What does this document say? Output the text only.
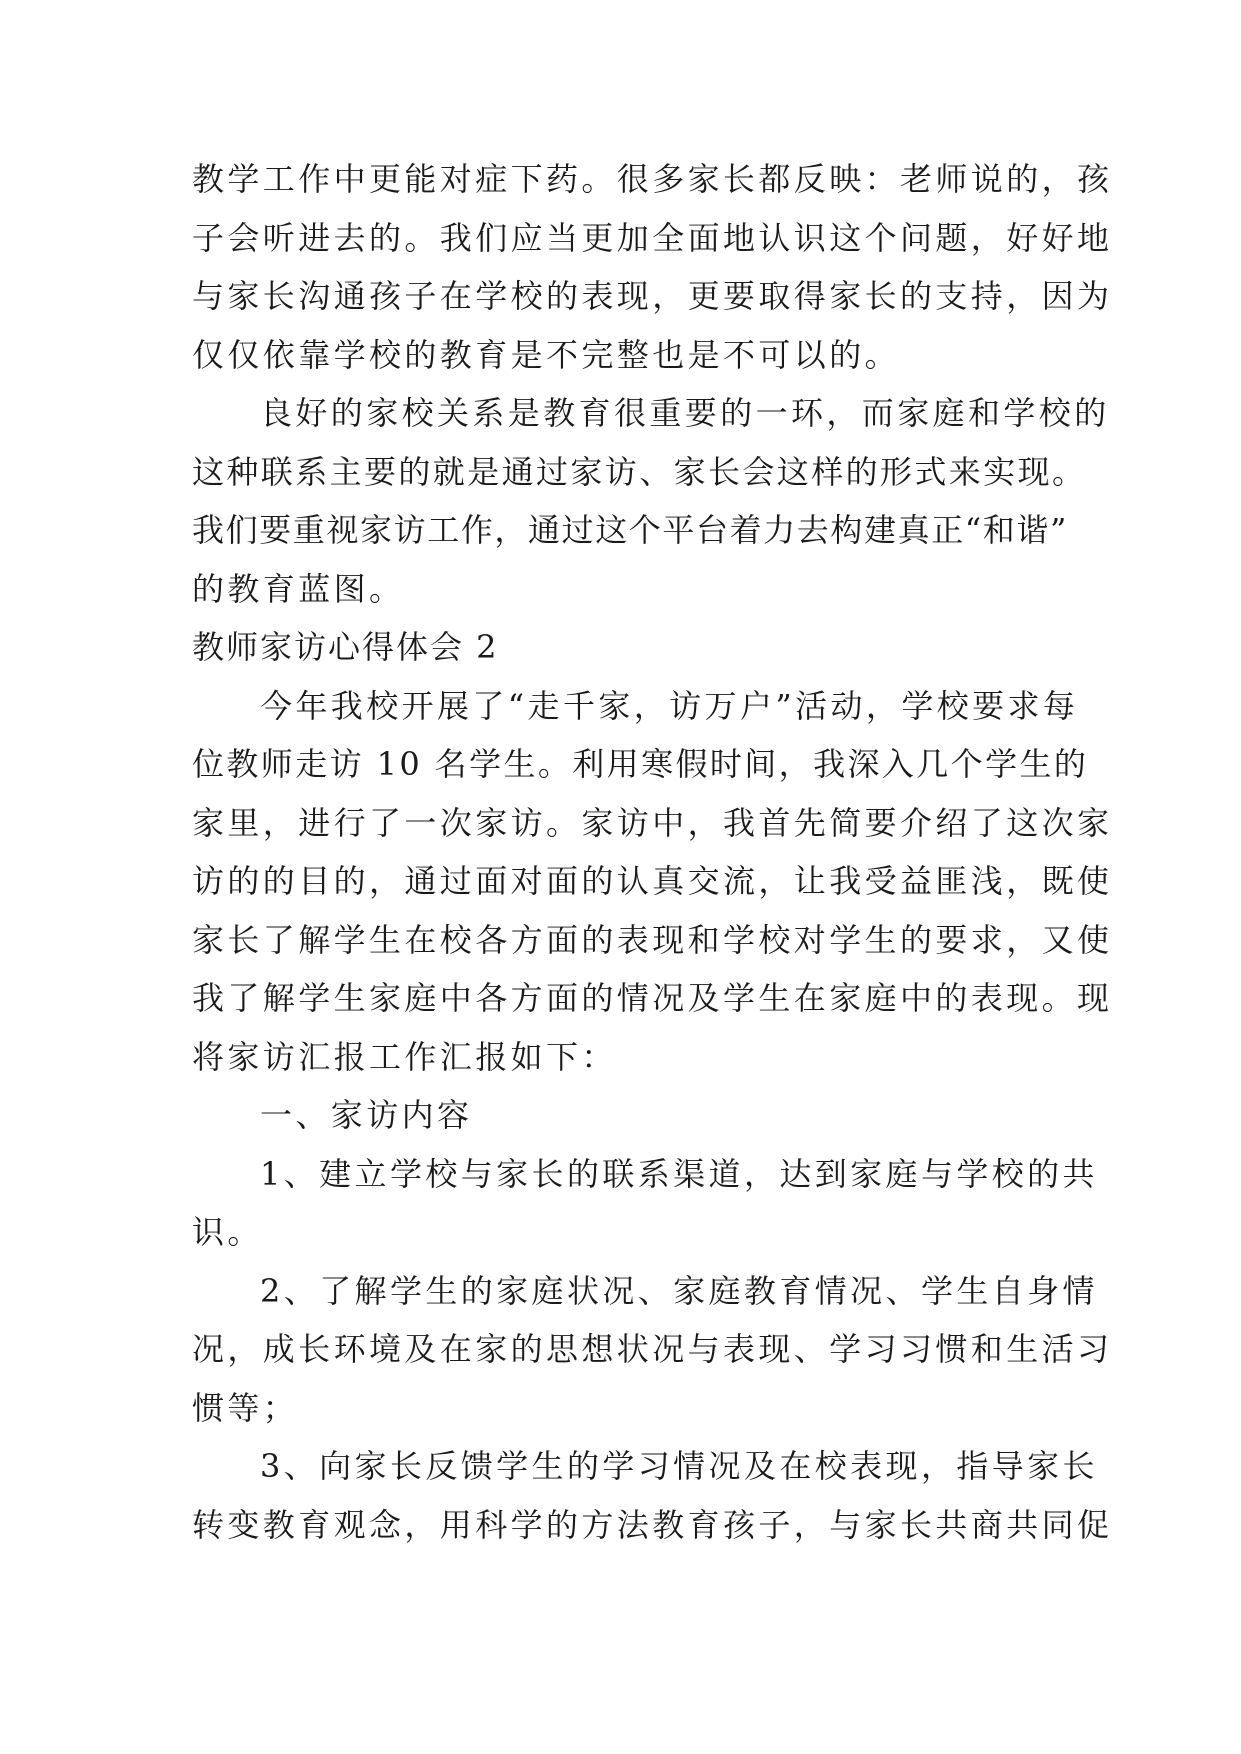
教学工作中更能对症下药。很多家长都反映：老师说的，孩
子会听进去的。我们应当更加全面地认识这个问题，好好地
与家长沟通孩子在学校的表现，更要取得家长的支持，因为
仅仅依靠学校的教育是不完整也是不可以的。
良好的家校关系是教育很重要的一环，而家庭和学校的
这种联系主要的就是通过家访、家长会这样的形式来实现。
我们要重视家访工作，通过这个平台着力去构建真正“和谐”
的教育蓝图。
教师家访心得体会 2
今年我校开展了“走千家，访万户”活动，学校要求每
位教师走访 10 名学生。利用寒假时间，我深入几个学生的
家里，进行了一次家访。家访中，我首先简要介绍了这次家
访的的目的，通过面对面的认真交流，让我受益匪浅，既使
家长了解学生在校各方面的表现和学校对学生的要求，又使
我了解学生家庭中各方面的情况及学生在家庭中的表现。现
将家访汇报工作汇报如下：
一、家访内容
1、建立学校与家长的联系渠道，达到家庭与学校的共
识。
2、了解学生的家庭状况、家庭教育情况、学生自身情
况，成长环境及在家的思想状况与表现、学习习惯和生活习
惯等；
3、向家长反馈学生的学习情况及在校表现，指导家长
转变教育观念，用科学的方法教育孩子，与家长共商共同促
